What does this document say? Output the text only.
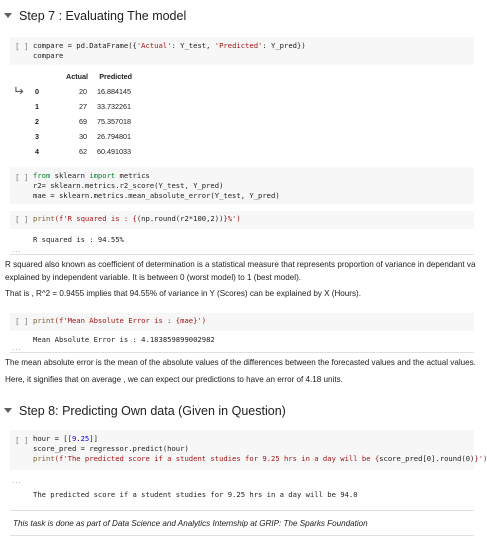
Step 7 : Evaluating The model
[ ] compare = pd.DataFrame({'Actual': Y_test, 'Predicted': Y_pred})
compare
	Actual	Predicted
0	20	16.884145
1	27	33.732261
2	69	75.357018
3	30	26.794801
4	62	60.491033
[ ] from sklearn import metrics
r2= sklearn.metrics.r2_score(Y_test, Y_pred)
mae = sklearn.metrics.mean_absolute_error(Y_test, Y_pred)
[ ] print(f'R squared is : {(np.round(r2*100,2))}%')
R squared is : 94.55%
...
R squared also known as coefficient of determination is a statistical measure that represents proportion of variance in dependant va
explained by independent variable. It is between 0 (worst model) to 1 (best model).
That is , R^2 = 0.9455 implies that 94.55% of variance in Y (Scores) can be explained by X (Hours).
[ ] print(f'Mean Absolute Error is : {mae}')
Mean Absolute Error is : 4.183859899002982
...
The mean absolute error is the mean of the absolute values of the differences between the forecasted values and the actual values.
Here, it signifies that on average , we can expect our predictions to have an error of 4.18 units.
Step 8: Predicting Own data (Given in Question)
[ ] hour = [[9.25]]
score_pred = regressor.predict(hour)
print(f'The predicted score if a student studies for 9.25 hrs in a day will be {score_pred[0].round(0)}')
...
The predicted score if a student studies for 9.25 hrs in a day will be 94.0
This task is done as part of Data Science and Analytics Internship at GRIP: The Sparks Foundation
